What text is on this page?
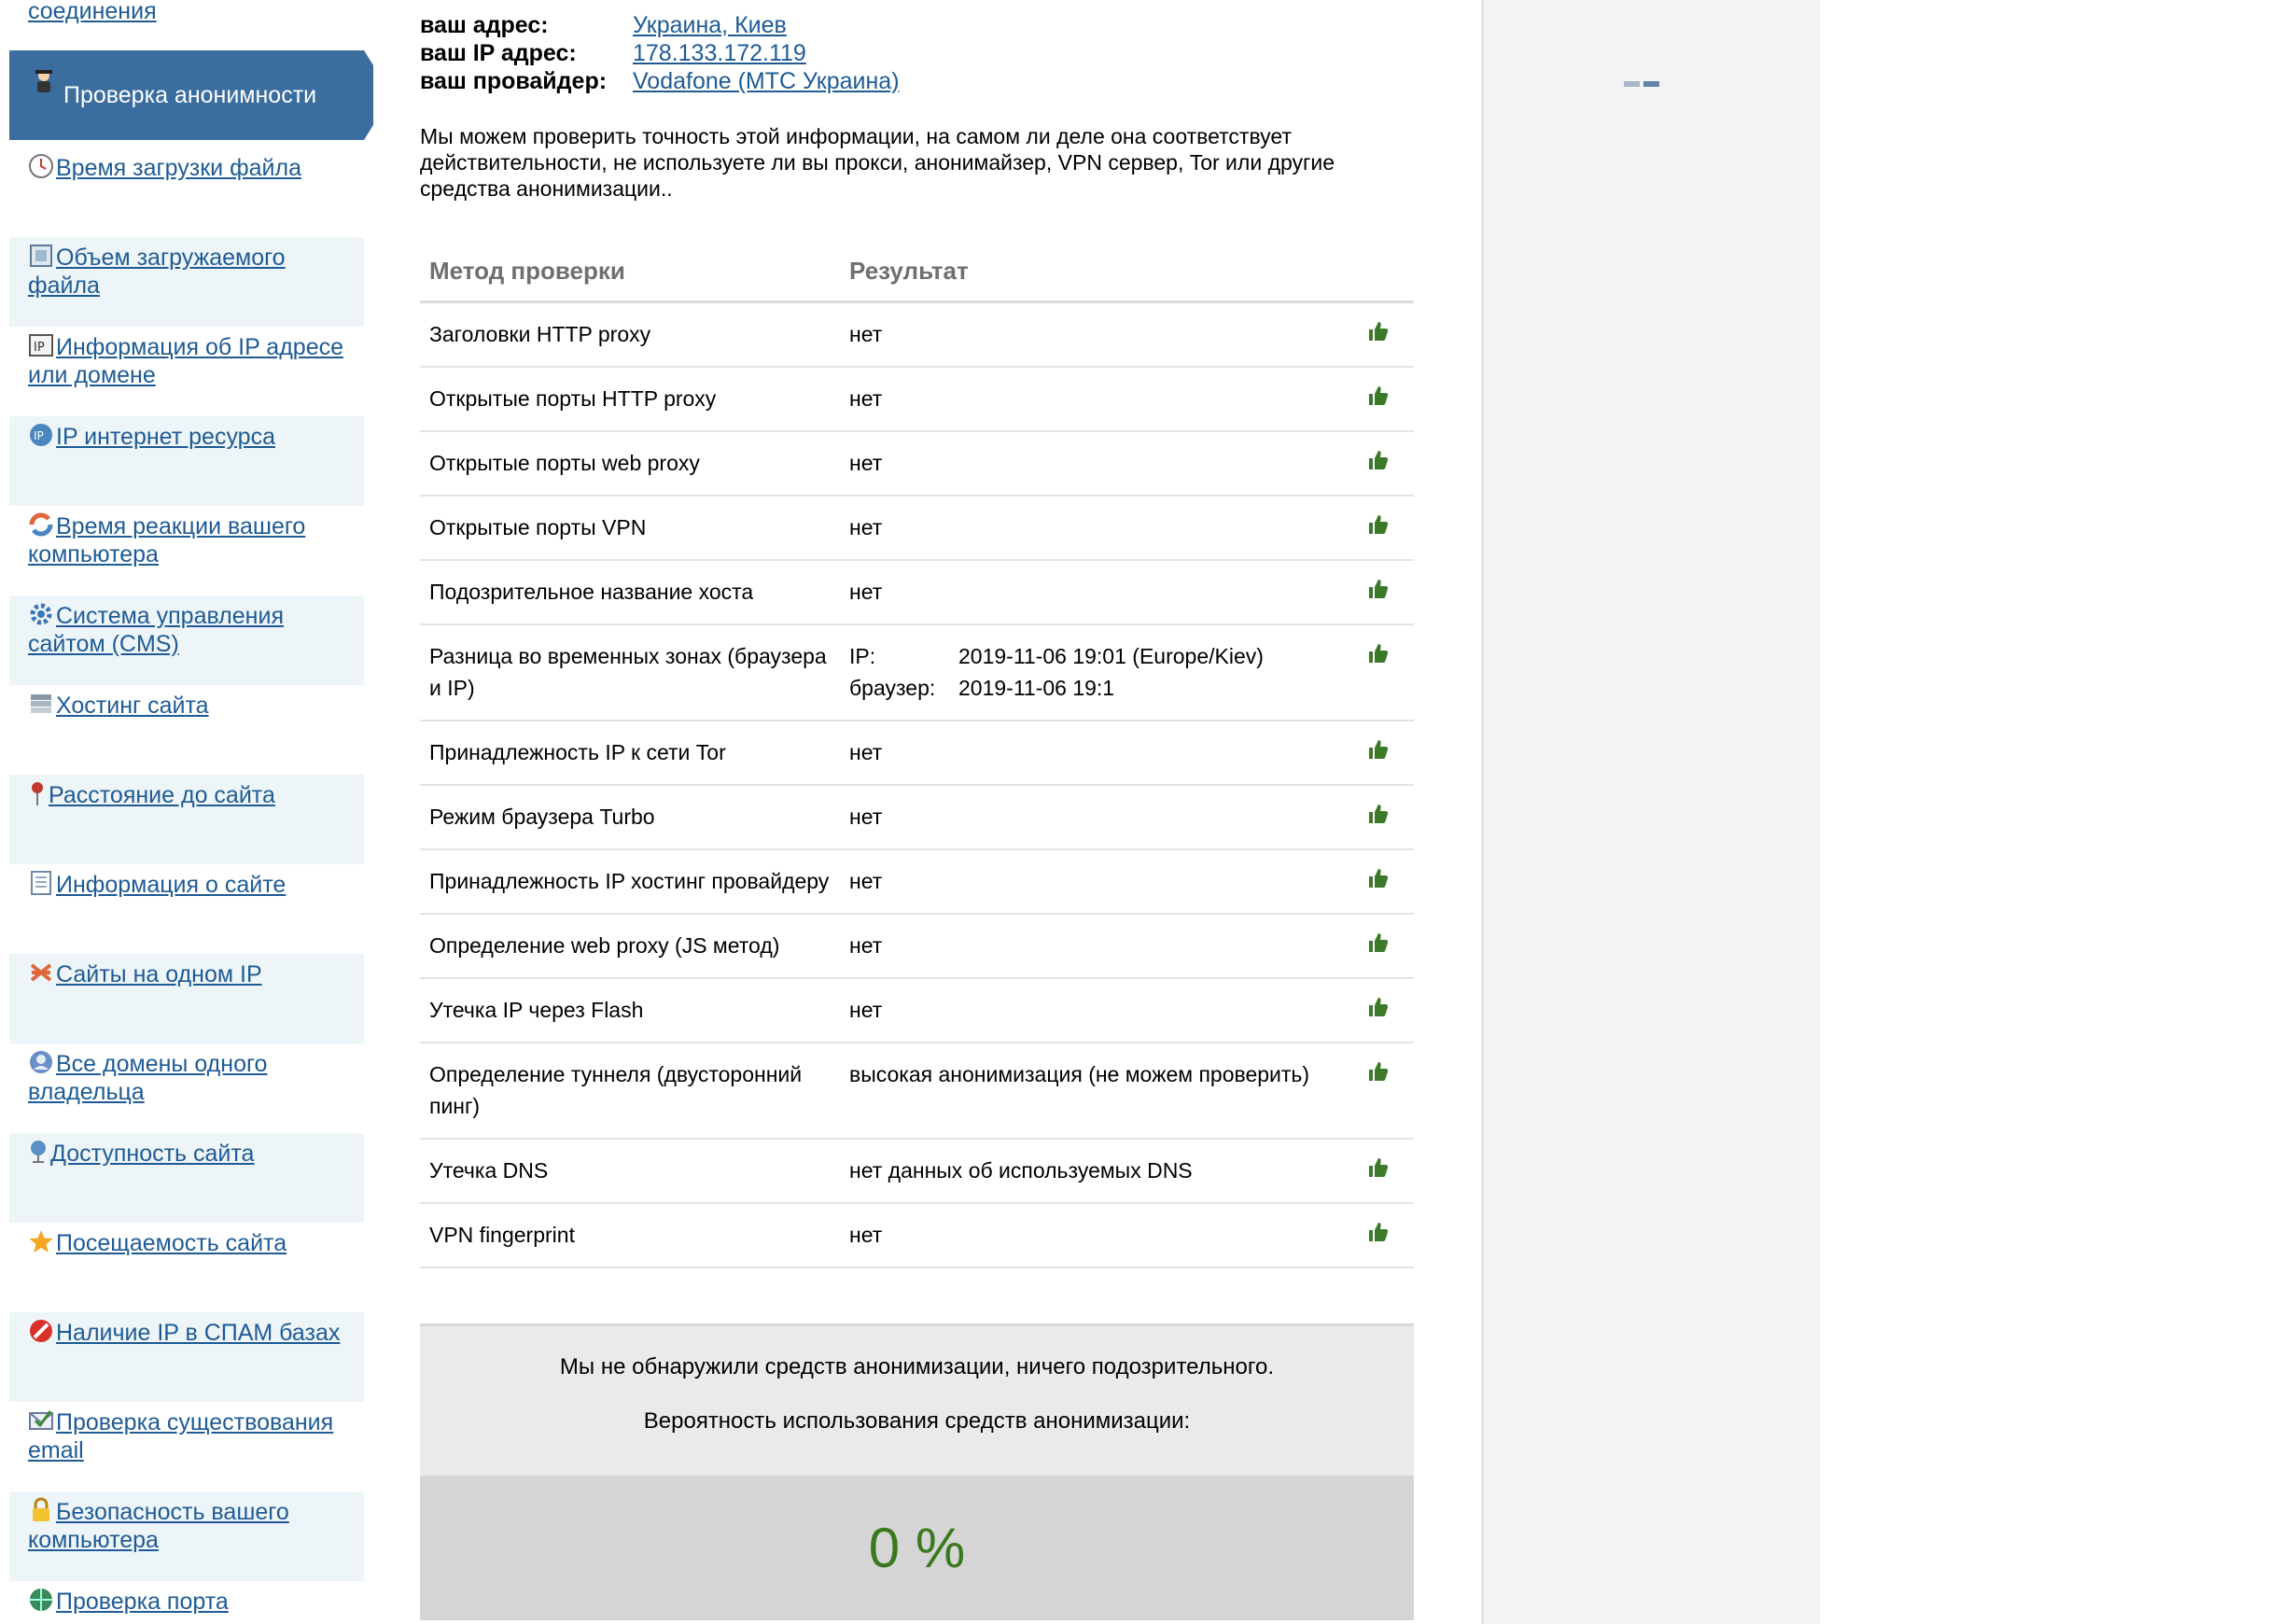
соединения
Проверка анонимности
Время загрузки файла
Объем загружаемого файла
IP Информация об IP адресе или домене
IP IP интернет ресурса
Время реакции вашего компьютера
Система управления сайтом (CMS)
Хостинг сайта
Расстояние до сайта
Информация о сайте
Сайты на одном IP
Все домены одного владельца
Доступность сайта
Посещаемость сайта
Наличие IP в СПАМ базах
Проверка существования email
Безопасность вашего компьютера
Проверка порта
ваш адрес:	Украина, Киев
ваш IP адрес: 178.133.172.119
ваш провайдер: Vodafone (МТС Украина)
Мы можем проверить точность этой информации, на самом ли деле она соответствует действительности, не используете ли вы прокси, анонимайзер, VPN сервер, Tor или другие средства анонимизации..
Метод проверки	Результат	
Заголовки HTTP proxy	нет	

Открытые порты HTTP proxy	нет	

Открытые порты web proxy	нет	

Открытые порты VPN	нет	

Подозрительное название хоста	нет	

Разница во временных зонах (браузера и IP)	IP: 2019-11-06 19:01 (Europe/Kiev)
браузер: 2019-11-06 19:1

Принадлежность IP к сети Tor	нет	

Режим браузера Turbo	нет	

Принадлежность IP хостинг провайдеру	нет	

Определение web proxy (JS метод)	нет	

Утечка IP через Flash	нет	

Определение туннеля (двусторонний пинг)	высокая анонимизация (не можем проверить)	

Утечка DNS	нет данных об используемых DNS	

VPN fingerprint	нет	
Мы не обнаружили средств анонимизации, ничего подозрительного.
Вероятность использования средств анонимизации:
0 %
